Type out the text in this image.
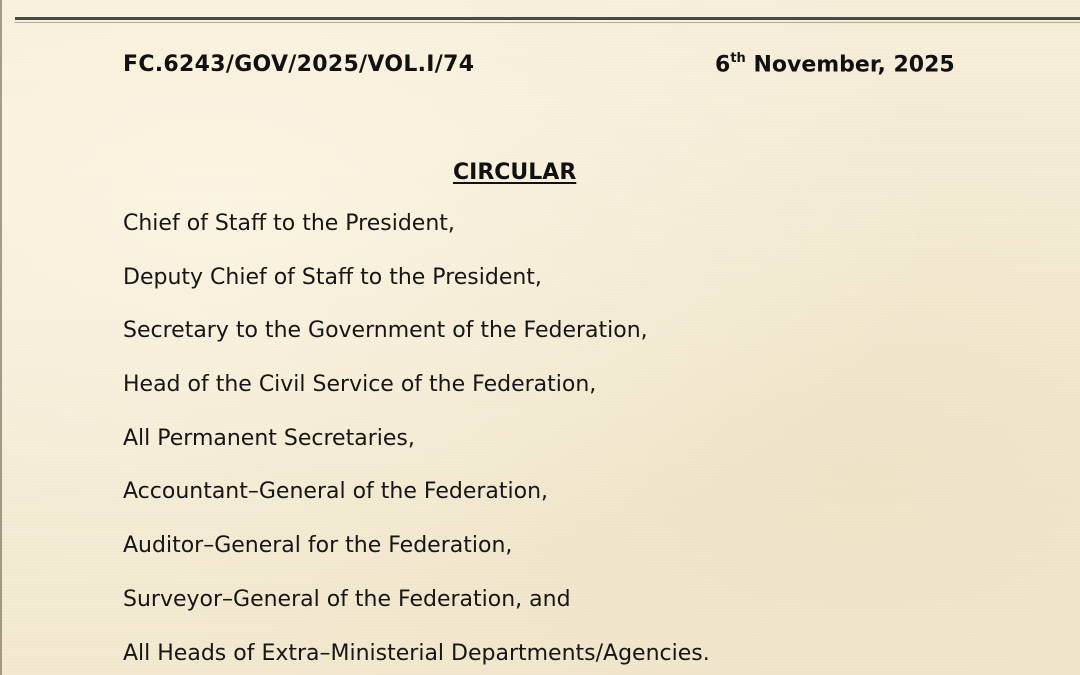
FC.6243/GOV/2025/VOL.I/74	6th November, 2025
CIRCULAR
Chief of Staff to the President,
Deputy Chief of Staff to the President,
Secretary to the Government of the Federation,
Head of the Civil Service of the Federation,
All Permanent Secretaries,
Accountant–General of the Federation,
Auditor–General for the Federation,
Surveyor–General of the Federation, and
All Heads of Extra–Ministerial Departments/Agencies.
